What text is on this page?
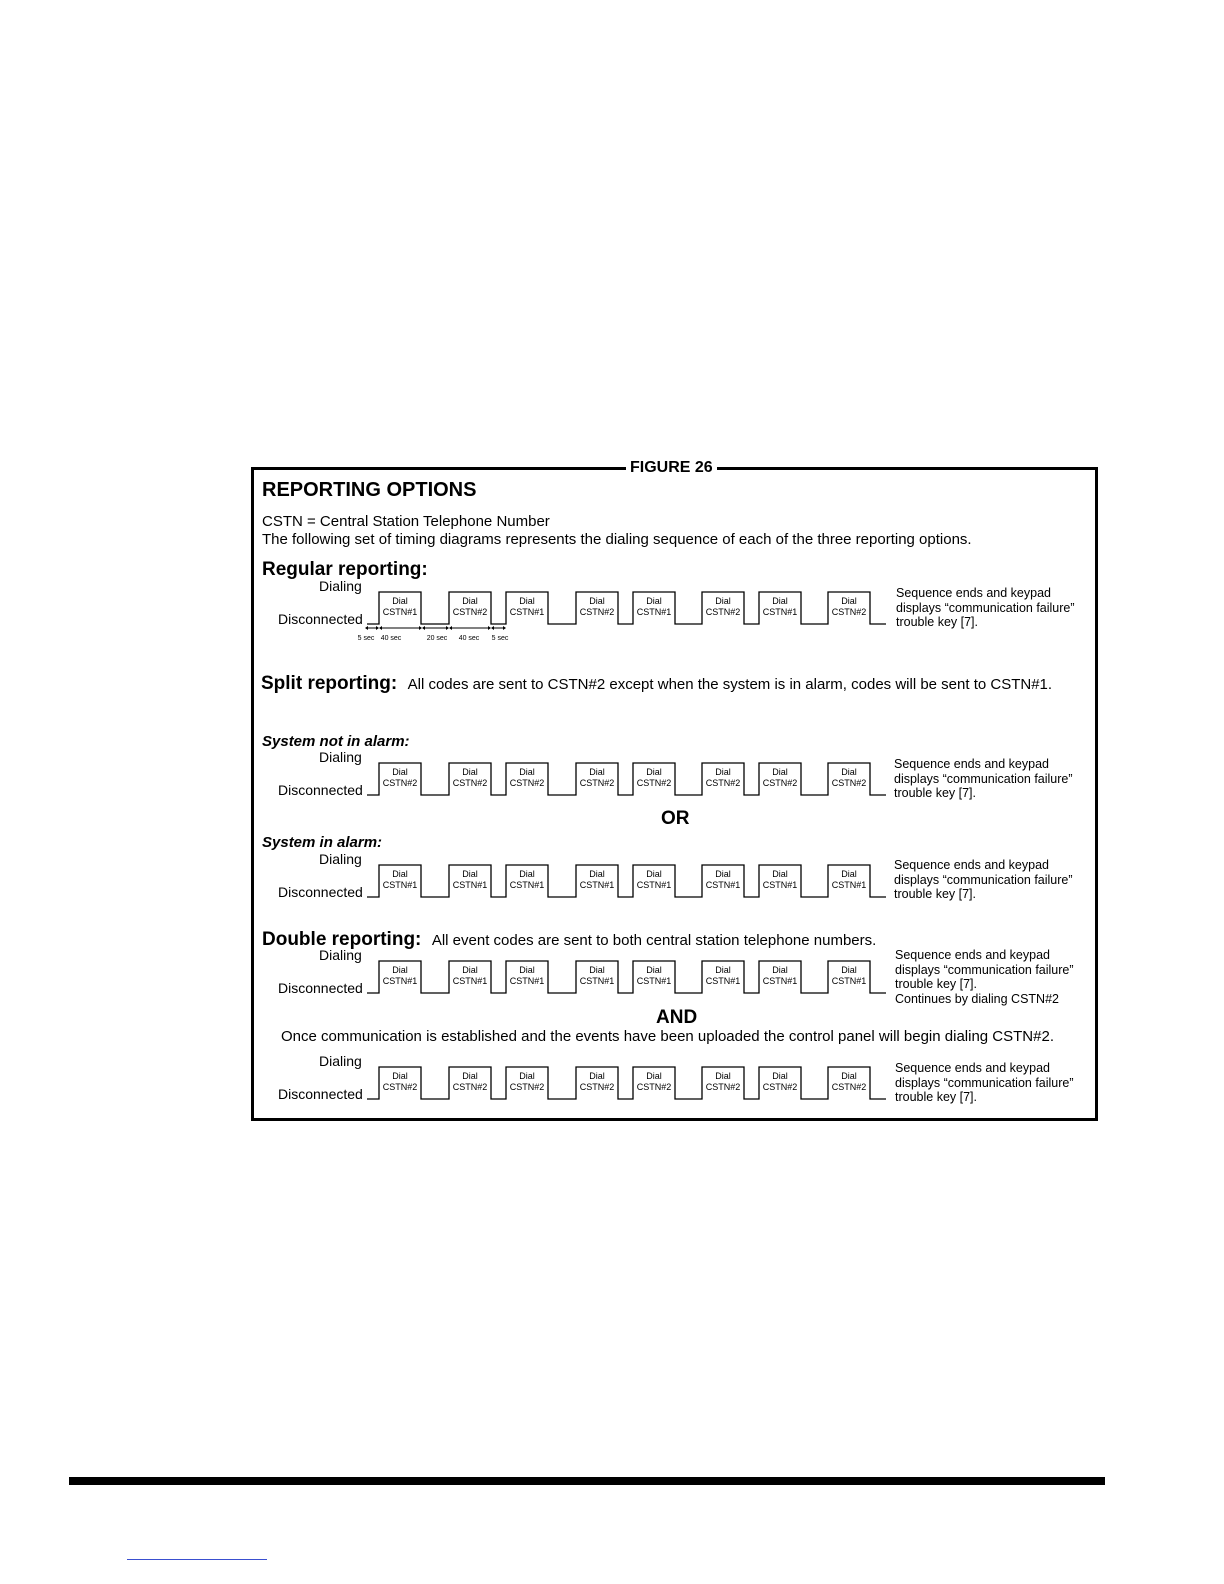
FIGURE 26
REPORTING OPTIONS
CSTN = Central Station Telephone Number
The following set of timing diagrams represents the dialing sequence of each of the three reporting options.
Regular reporting:
Dialing
Disconnected
Dial
CSTN#1
Dial
CSTN#2
Dial
CSTN#1
Dial
CSTN#2
Dial
CSTN#1
Dial
CSTN#2
Dial
CSTN#1
Dial
CSTN#2
5 sec 40 sec	20 sec 40 sec 5 sec
Sequence ends and keypad
displays “communication failure”
trouble key [7].
Split reporting: All codes are sent to CSTN#2 except when the system is in alarm, codes will be sent to CSTN#1.
System not in alarm:
Dialing
Disconnected
Dial
CSTN#2
Dial
CSTN#2
Dial
CSTN#2
Dial
CSTN#2
Dial
CSTN#2
Dial
CSTN#2
Dial
CSTN#2
Dial
CSTN#2
Sequence ends and keypad
displays “communication failure”
trouble key [7].
OR
System in alarm:
Dialing
Disconnected
Dial
CSTN#1
Dial
CSTN#1
Dial
CSTN#1
Dial
CSTN#1
Dial
CSTN#1
Dial
CSTN#1
Dial
CSTN#1
Dial
CSTN#1
Sequence ends and keypad
displays “communication failure”
trouble key [7].
Double reporting: All event codes are sent to both central station telephone numbers.
Dialing
Disconnected
Dial
CSTN#1
Dial
CSTN#1
Dial
CSTN#1
Dial
CSTN#1
Dial
CSTN#1
Dial
CSTN#1
Dial
CSTN#1
Dial
CSTN#1
Sequence ends and keypad
displays “communication failure”
trouble key [7].
Continues by dialing CSTN#2
AND
Once communication is established and the events have been uploaded the control panel will begin dialing CSTN#2.
Dialing
Disconnected
Dial
CSTN#2
Dial
CSTN#2
Dial
CSTN#2
Dial
CSTN#2
Dial
CSTN#2
Dial
CSTN#2
Dial
CSTN#2
Dial
CSTN#2
Sequence ends and keypad
displays “communication failure”
trouble key [7].
